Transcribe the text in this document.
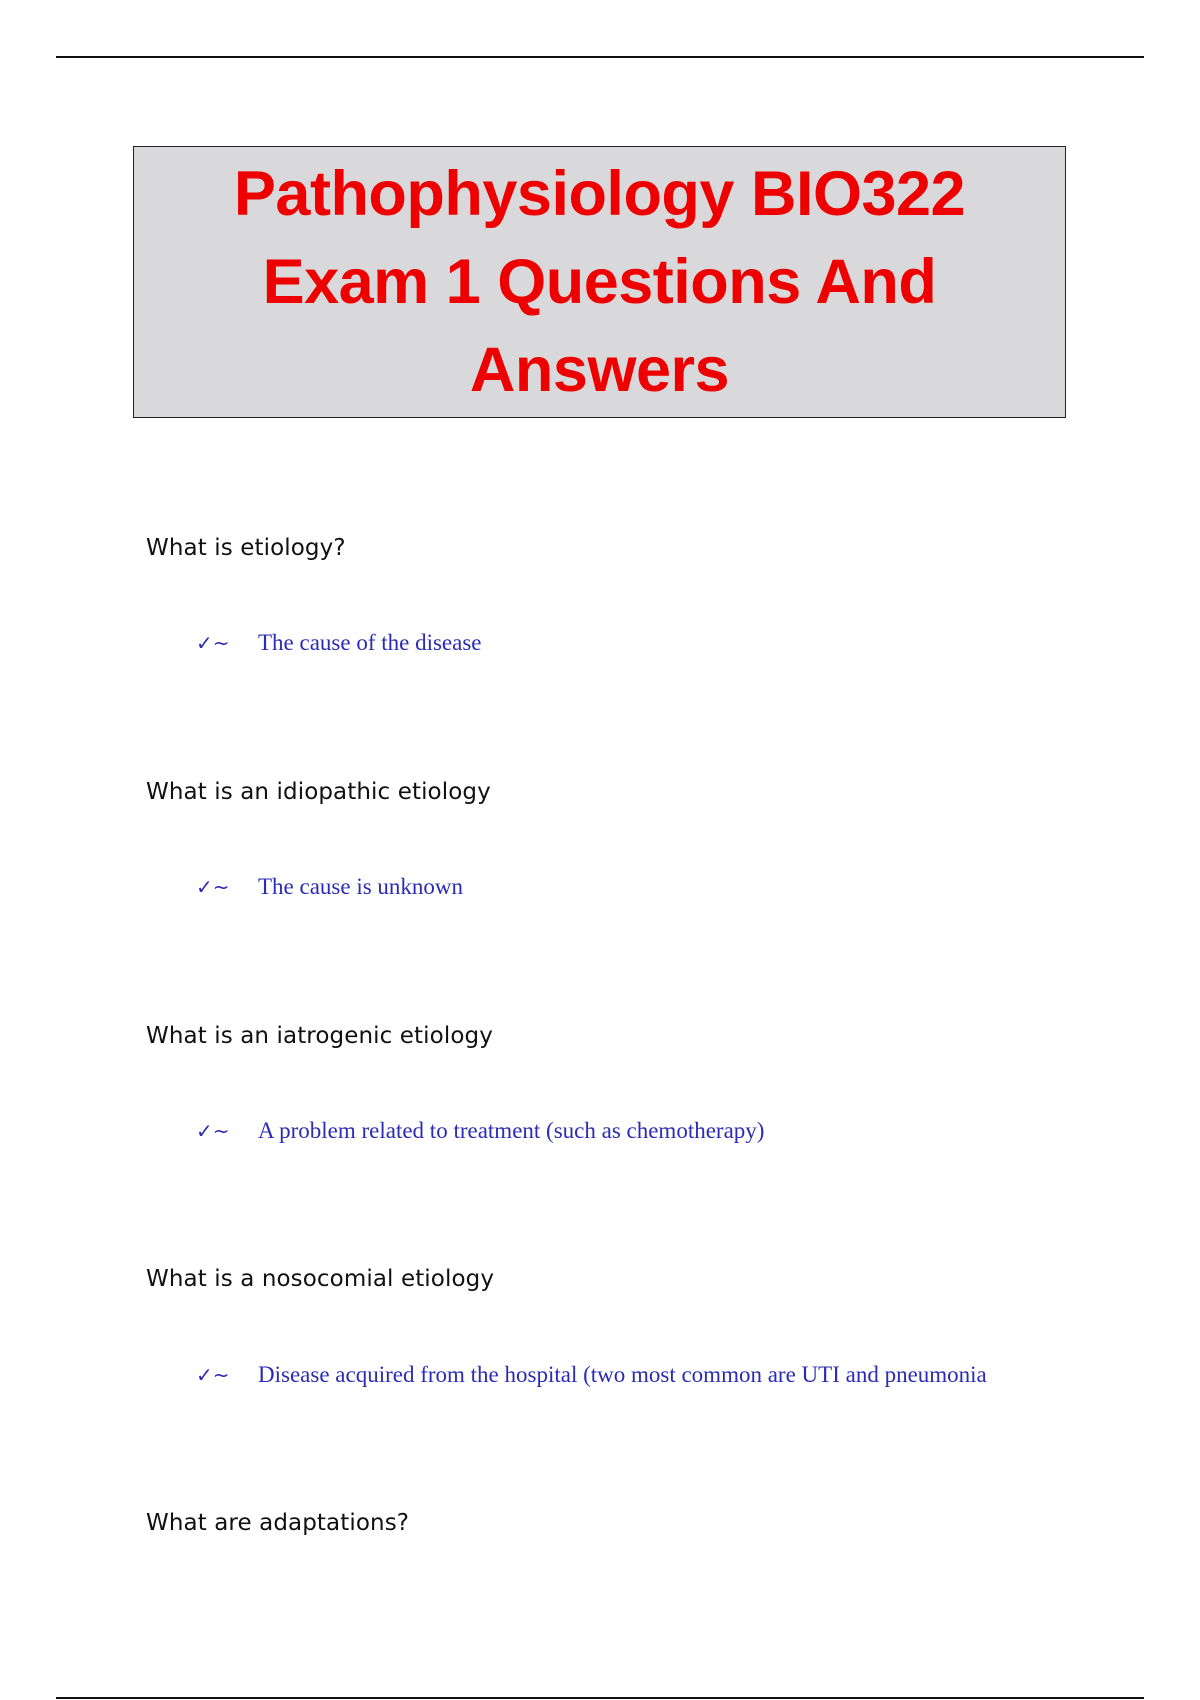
Pathophysiology BIO322
Exam 1 Questions And
Answers
What is etiology?
✓~	The cause of the disease
What is an idiopathic etiology
✓~	The cause is unknown
What is an iatrogenic etiology
✓~	A problem related to treatment (such as chemotherapy)
What is a nosocomial etiology
✓~	Disease acquired from the hospital (two most common are UTI and pneumonia
What are adaptations?
